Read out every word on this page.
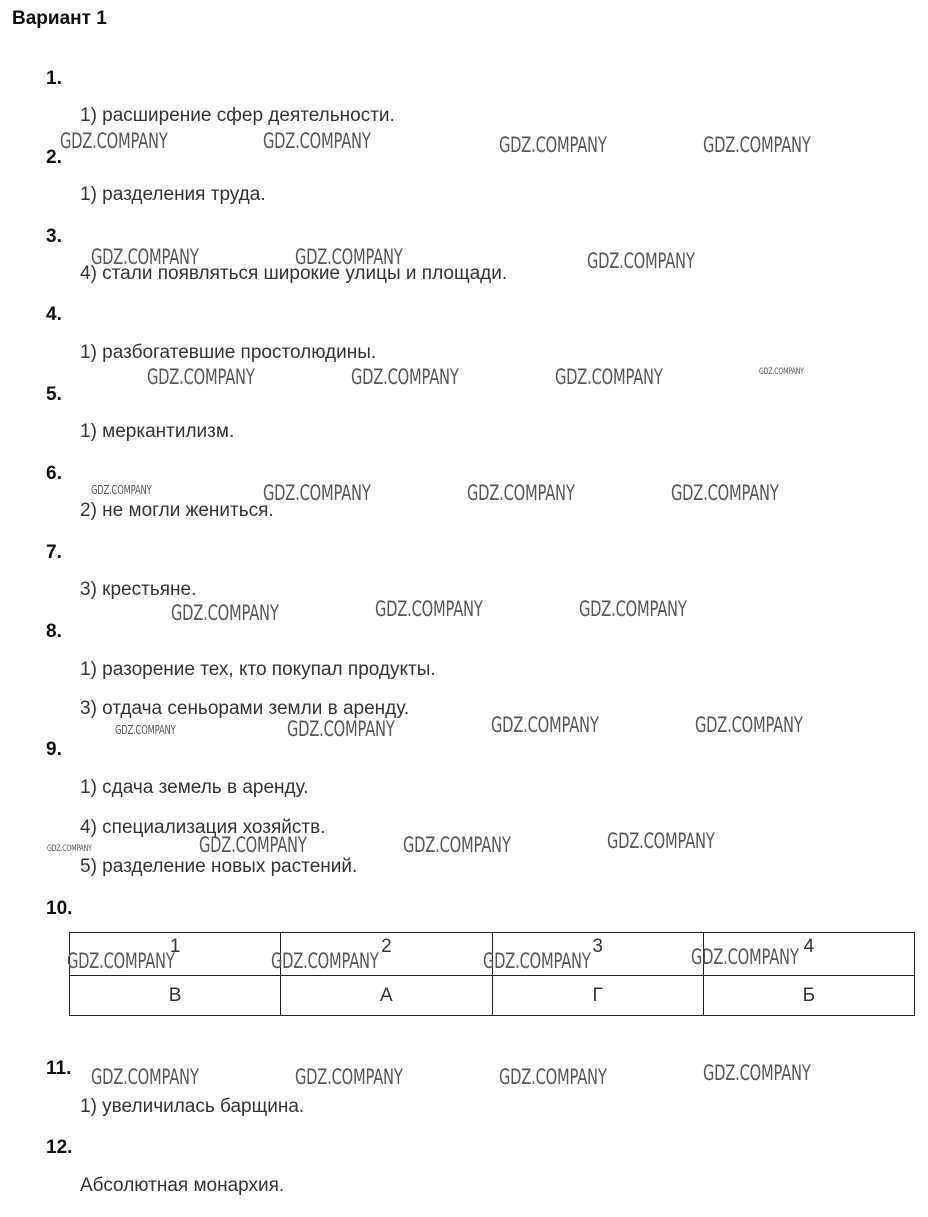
Вариант 1
1.
1) расширение сфер деятельности.
2.
1) разделения труда.
3.
4) стали появляться широкие улицы и площади.
4.
1) разбогатевшие простолюдины.
5.
1) меркантилизм.
6.
2) не могли жениться.
7.
3) крестьяне.
8.
1) разорение тех, кто покупал продукты.
3) отдача сеньорами земли в аренду.
9.
1) сдача земель в аренду.
4) специализация хозяйств.
5) разделение новых растений.
10.
1	2	3	4
В	А	Г	Б
11.
1) увеличилась барщина.
12.
Абсолютная монархия.
GDZ.COMPANY	GDZ.COMPANY	GDZ.COMPANY	GDZ.COMPANY
GDZ.COMPANY	GDZ.COMPANY	GDZ.COMPANY
GDZ.COMPANY	GDZ.COMPANY	GDZ.COMPANY	GDZ.COMPANY
GDZ.COMPANY	GDZ.COMPANY	GDZ.COMPANY	GDZ.COMPANY
GDZ.COMPANY	GDZ.COMPANY	GDZ.COMPANY
GDZ.COMPANY	GDZ.COMPANY	GDZ.COMPANY	GDZ.COMPANY
GDZ.COMPANY	GDZ.COMPANY	GDZ.COMPANY	GDZ.COMPANY
GDZ.COMPANY	GDZ.COMPANY	GDZ.COMPANY	GDZ.COMPANY
GDZ.COMPANY	GDZ.COMPANY	GDZ.COMPANY	GDZ.COMPANY
